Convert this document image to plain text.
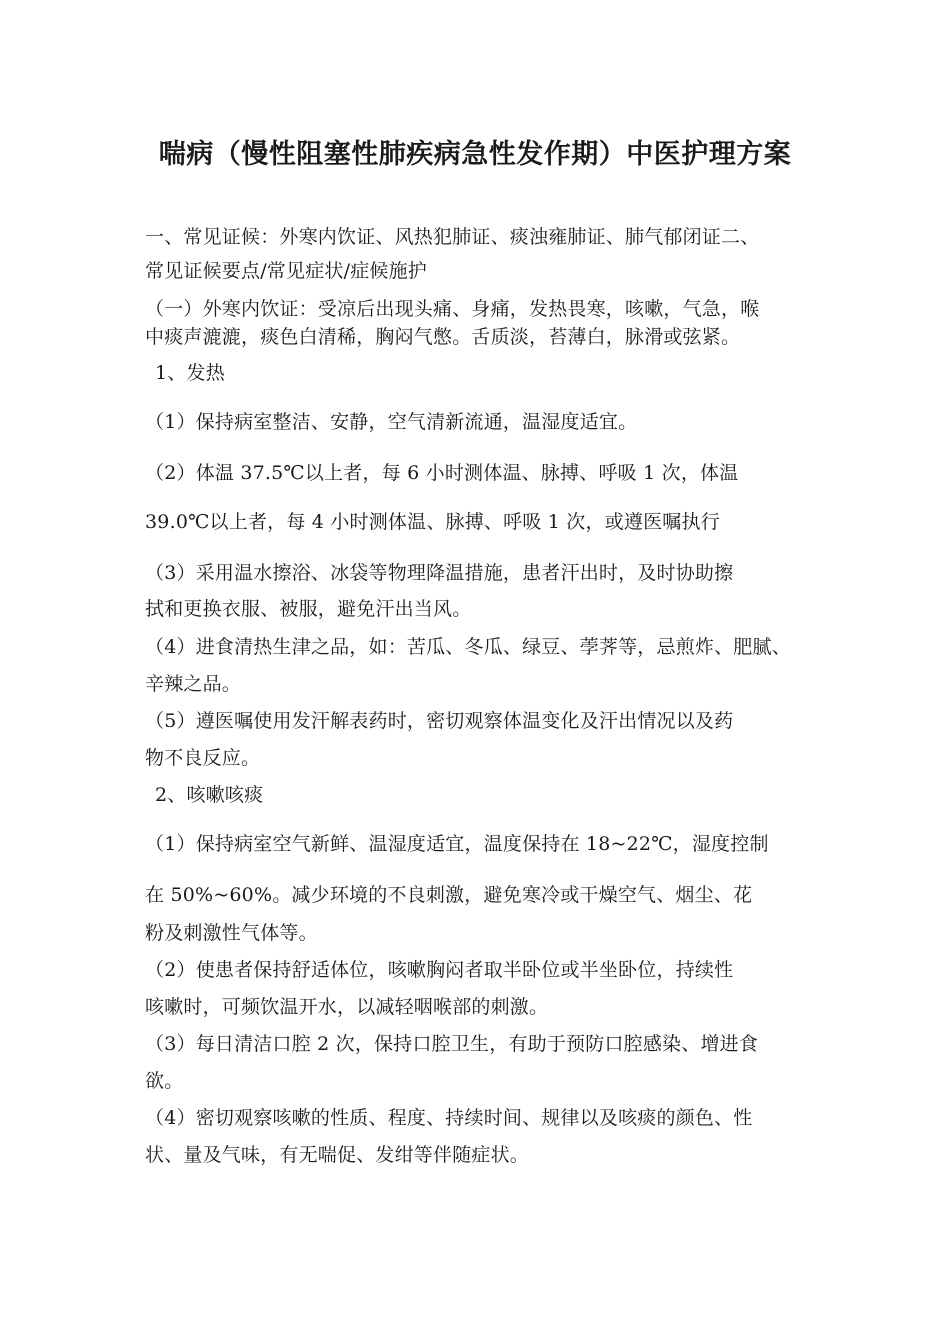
喘病（慢性阻塞性肺疾病急性发作期）中医护理方案
一、常见证候：外寒内饮证、风热犯肺证、痰浊雍肺证、肺气郁闭证二、
常见证候要点/常见症状/症候施护
（一）外寒内饮证：受凉后出现头痛、身痛，发热畏寒，咳嗽，气急，喉
中痰声漉漉，痰色白清稀，胸闷气憋。舌质淡，苔薄白，脉滑或弦紧。
1、发热
（1）保持病室整洁、安静，空气清新流通，温湿度适宜。
（2）体温 37.5℃以上者，每 6 小时测体温、脉搏、呼吸 1 次，体温
39.0℃以上者，每 4 小时测体温、脉搏、呼吸 1 次，或遵医嘱执行
（3）采用温水擦浴、冰袋等物理降温措施，患者汗出时，及时协助擦
拭和更换衣服、被服，避免汗出当风。
（4）进食清热生津之品，如：苦瓜、冬瓜、绿豆、荸荠等，忌煎炸、肥腻、
辛辣之品。
（5）遵医嘱使用发汗解表药时，密切观察体温变化及汗出情况以及药
物不良反应。
2、咳嗽咳痰
（1）保持病室空气新鲜、温湿度适宜，温度保持在 18~22℃，湿度控制
在 50%~60%。减少环境的不良刺激，避免寒冷或干燥空气、烟尘、花
粉及刺激性气体等。
（2）使患者保持舒适体位，咳嗽胸闷者取半卧位或半坐卧位，持续性
咳嗽时，可频饮温开水，以减轻咽喉部的刺激。
（3）每日清洁口腔 2 次，保持口腔卫生，有助于预防口腔感染、增进食
欲。
（4）密切观察咳嗽的性质、程度、持续时间、规律以及咳痰的颜色、性
状、量及气味，有无喘促、发绀等伴随症状。
